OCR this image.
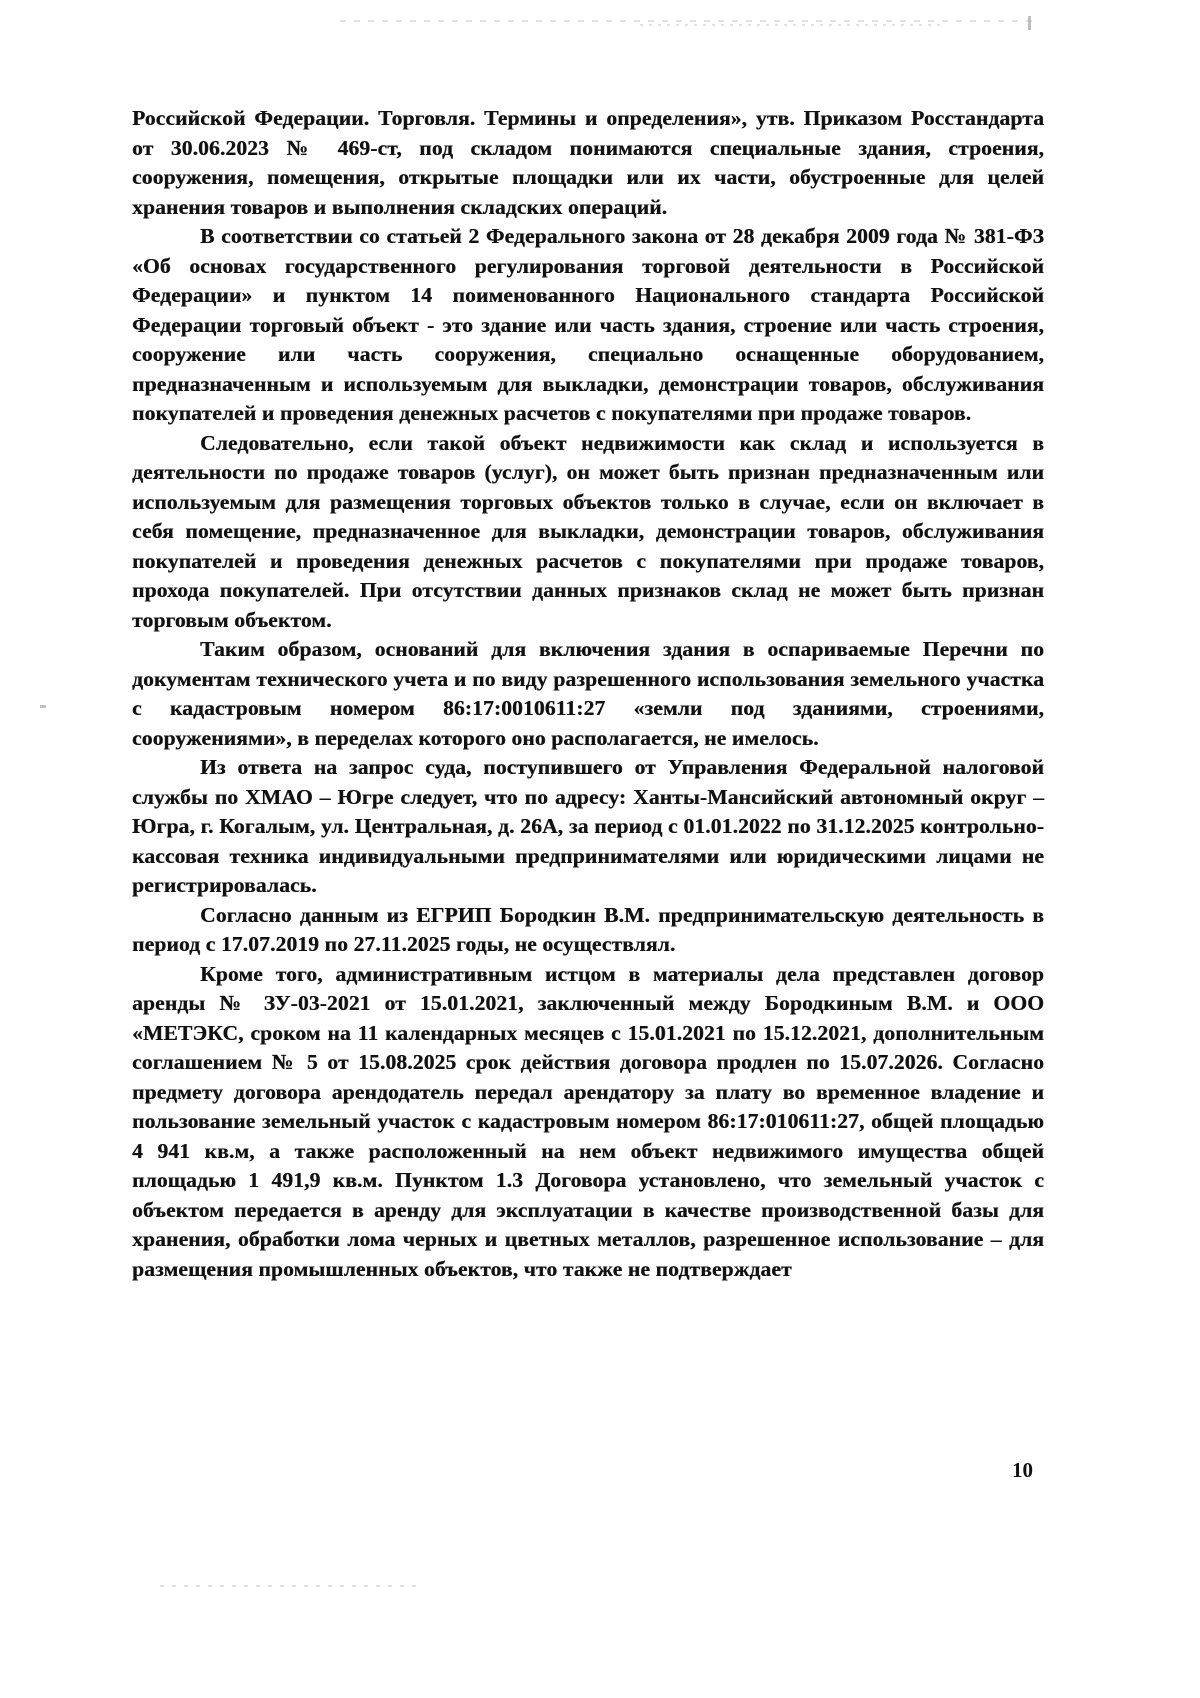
Российской Федерации. Торговля. Термины и определения», утв. Приказом Росстандарта от 30.06.2023 № 469-ст, под складом понимаются специальные здания, строения, сооружения, помещения, открытые площадки или их части, обустроенные для целей хранения товаров и выполнения складских операций.

В соответствии со статьей 2 Федерального закона от 28 декабря 2009 года № 381-ФЗ «Об основах государственного регулирования торговой деятельности в Российской Федерации» и пунктом 14 поименованного Национального стандарта Российской Федерации торговый объект - это здание или часть здания, строение или часть строения, сооружение или часть сооружения, специально оснащенные оборудованием, предназначенным и используемым для выкладки, демонстрации товаров, обслуживания покупателей и проведения денежных расчетов с покупателями при продаже товаров.

Следовательно, если такой объект недвижимости как склад и используется в деятельности по продаже товаров (услуг), он может быть признан предназначенным или используемым для размещения торговых объектов только в случае, если он включает в себя помещение, предназначенное для выкладки, демонстрации товаров, обслуживания покупателей и проведения денежных расчетов с покупателями при продаже товаров, прохода покупателей. При отсутствии данных признаков склад не может быть признан торговым объектом.

Таким образом, оснований для включения здания в оспариваемые Перечни по документам технического учета и по виду разрешенного использования земельного участка с кадастровым номером 86:17:0010611:27 «земли под зданиями, строениями, сооружениями», в переделах которого оно располагается, не имелось.

Из ответа на запрос суда, поступившего от Управления Федеральной налоговой службы по ХМАО – Югре следует, что по адресу: Ханты-Мансийский автономный округ – Югра, г. Когалым, ул. Центральная, д. 26А, за период с 01.01.2022 по 31.12.2025 контрольно-кассовая техника индивидуальными предпринимателями или юридическими лицами не регистрировалась.

Согласно данным из ЕГРИП Бородкин В.М. предпринимательскую деятельность в период с 17.07.2019 по 27.11.2025 годы, не осуществлял.

Кроме того, административным истцом в материалы дела представлен договор аренды № ЗУ-03-2021 от 15.01.2021, заключенный между Бородкиным В.М. и ООО «МЕТЭКС, сроком на 11 календарных месяцев с 15.01.2021 по 15.12.2021, дополнительным соглашением № 5 от 15.08.2025 срок действия договора продлен по 15.07.2026. Согласно предмету договора арендодатель передал арендатору за плату во временное владение и пользование земельный участок с кадастровым номером 86:17:010611:27, общей площадью 4 941 кв.м, а также расположенный на нем объект недвижимого имущества общей площадью 1 491,9 кв.м. Пунктом 1.3 Договора установлено, что земельный участок с объектом передается в аренду для эксплуатации в качестве производственной базы для хранения, обработки лома черных и цветных металлов, разрешенное использование – для размещения промышленных объектов, что также не подтверждает

10
